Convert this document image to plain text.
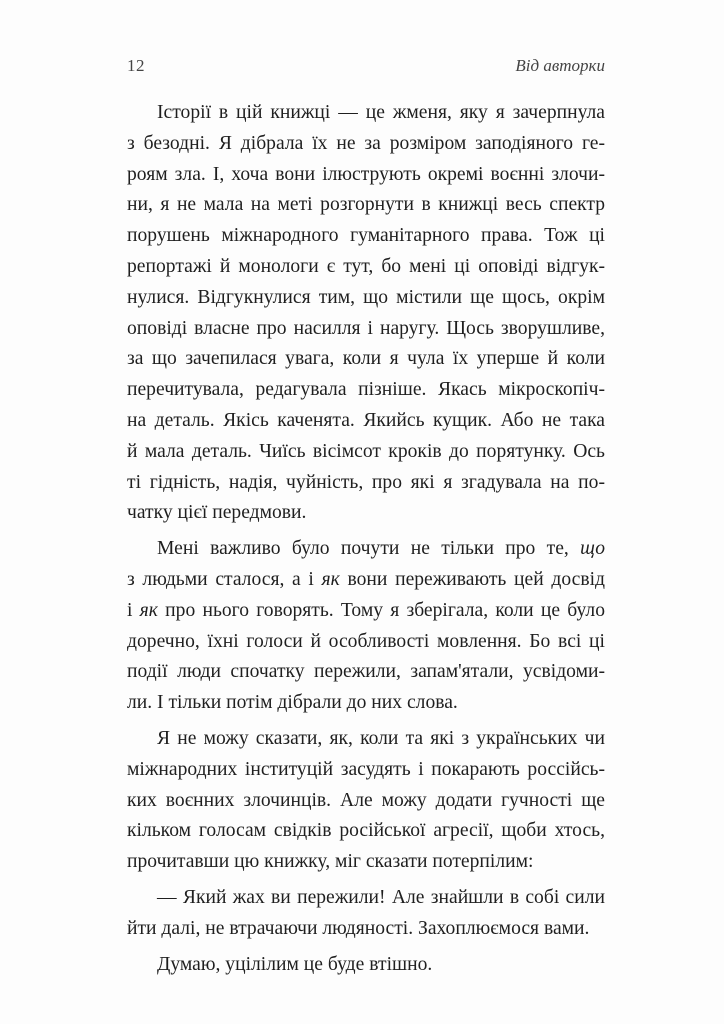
12	Від авторки
Історії в цій книжці — це жменя, яку я зачерпнула
з безодні. Я дібрала їх не за розміром заподіяного ге-
роям зла. І, хоча вони ілюструють окремі воєнні злочи-
ни, я не мала на меті розгорнути в книжці весь спектр
порушень міжнародного гуманітарного права. Тож ці
репортажі й монологи є тут, бо мені ці оповіді відгук-
нулися. Відгукнулися тим, що містили ще щось, окрім
оповіді власне про насилля і наругу. Щось зворушливе,
за що зачепилася увага, коли я чула їх уперше й коли
перечитувала, редагувала пізніше. Якась мікроскопіч-
на деталь. Якісь каченята. Якийсь кущик. Або не така
й мала деталь. Чиїсь вісімсот кроків до порятунку. Ось
ті гідність, надія, чуйність, про які я згадувала на по-
чатку цієї передмови.
Мені важливо було почути не тільки про те, що
з людьми сталося, а і як вони переживають цей досвід
і як про нього говорять. Тому я зберігала, коли це було
доречно, їхні голоси й особливості мовлення. Бо всі ці
події люди спочатку пережили, запам'ятали, усвідоми-
ли. І тільки потім дібрали до них слова.
Я не можу сказати, як, коли та які з українських чи
міжнародних інституцій засудять і покарають россійсь-
ких воєнних злочинців. Але можу додати гучності ще
кільком голосам свідків російської агресії, щоби хтось,
прочитавши цю книжку, міг сказати потерпілим:
— Який жах ви пережили! Але знайшли в собі сили
йти далі, не втрачаючи людяності. Захоплюємося вами.
Думаю, уцілілим це буде втішно.
